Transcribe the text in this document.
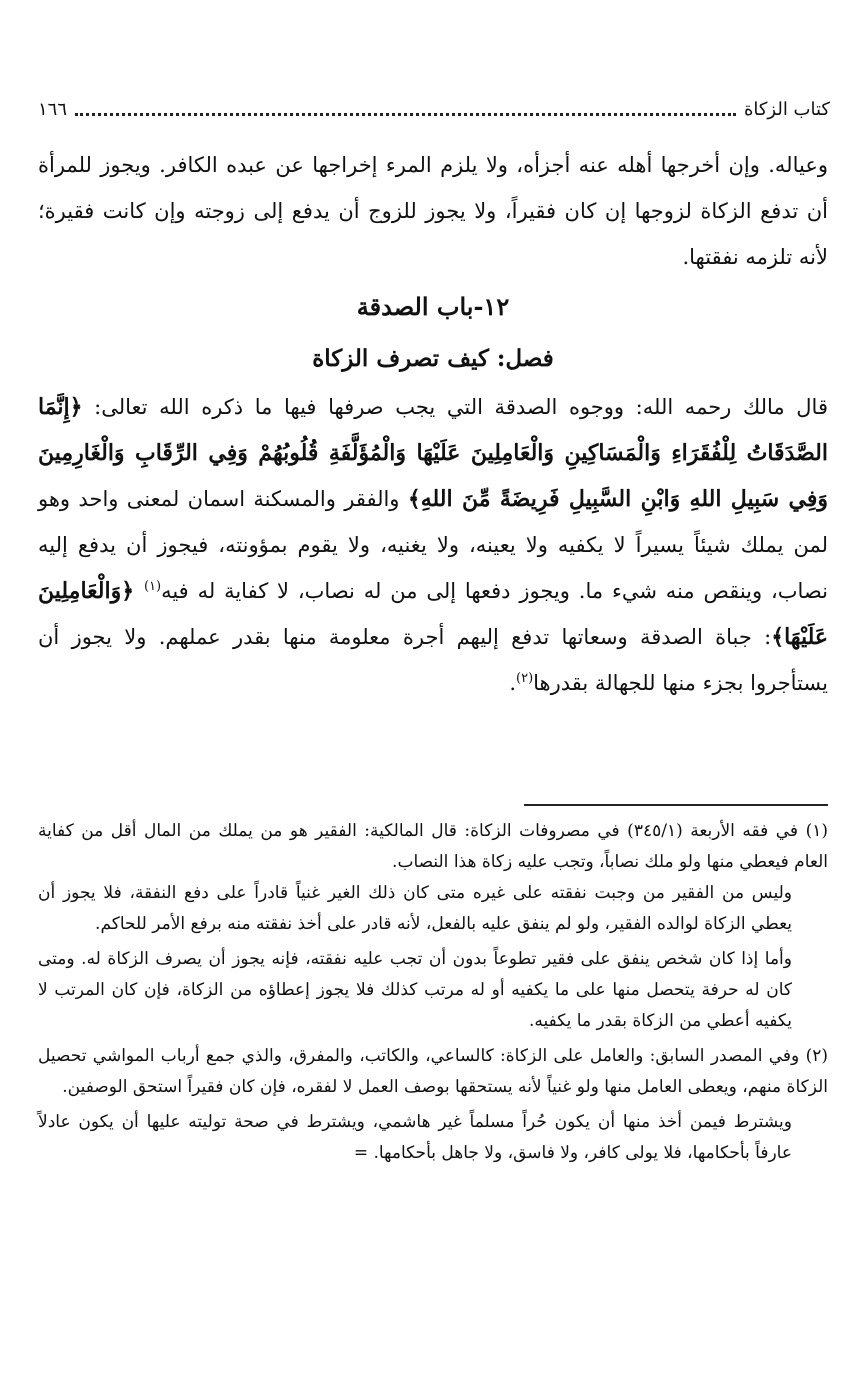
كتاب الزكاة
١٦٦

وعياله. وإن أخرجها أهله عنه أجزأه، ولا يلزم المرء إخراجها عن عبده الكافر. ويجوز للمرأة أن تدفع الزكاة لزوجها إن كان فقيراً، ولا يجوز للزوج أن يدفع إلى زوجته وإن كانت فقيرة؛ لأنه تلزمه نفقتها.

١٢-باب الصدقة

فصل: كيف تصرف الزكاة

قال مالك رحمه الله: ووجوه الصدقة التي يجب صرفها فيها ما ذكره الله تعالى: ﴿إِنَّمَا الصَّدَقَاتُ لِلْفُقَرَاءِ وَالْمَسَاكِينِ وَالْعَامِلِينَ عَلَيْهَا وَالْمُؤَلَّفَةِ قُلُوبُهُمْ وَفِي الرِّقَابِ وَالْغَارِمِينَ وَفِي سَبِيلِ اللهِ وَابْنِ السَّبِيلِ فَرِيضَةً مِّنَ اللهِ﴾ والفقر والمسكنة اسمان لمعنى واحد وهو لمن يملك شيئاً يسيراً لا يكفيه ولا يعينه، ولا يغنيه، ولا يقوم بمؤونته، فيجوز أن يدفع إليه نصاب، وينقص منه شيء ما. ويجوز دفعها إلى من له نصاب، لا كفاية له فيه$^{(١)}$ ﴿وَالْعَامِلِينَ عَلَيْهَا﴾: جباة الصدقة وسعاتها تدفع إليهم أجرة معلومة منها بقدر عملهم. ولا يجوز أن يستأجروا بجزء منها للجهالة بقدرها$^{(٢)}$.

(١) في فقه الأربعة (٣٤٥/١) في مصروفات الزكاة: قال المالكية: الفقير هو من يملك من المال أقل من كفاية العام فيعطي منها ولو ملك نصاباً، وتجب عليه زكاة هذا النصاب.

وليس من الفقير من وجبت نفقته على غيره متى كان ذلك الغير غنياً قادراً على دفع النفقة، فلا يجوز أن يعطي الزكاة لوالده الفقير، ولو لم ينفق عليه بالفعل، لأنه قادر على أخذ نفقته منه برفع الأمر للحاكم.

وأما إذا كان شخص ينفق على فقير تطوعاً بدون أن تجب عليه نفقته، فإنه يجوز أن يصرف الزكاة له. ومتى كان له حرفة يتحصل منها على ما يكفيه أو له مرتب كذلك فلا يجوز إعطاؤه من الزكاة، فإن كان المرتب لا يكفيه أعطي من الزكاة بقدر ما يكفيه.

(٢) وفي المصدر السابق: والعامل على الزكاة: كالساعي، والكاتب، والمفرق، والذي جمع أرباب المواشي تحصيل الزكاة منهم، ويعطى العامل منها ولو غنياً لأنه يستحقها بوصف العمل لا لفقره، فإن كان فقيراً استحق الوصفين.

ويشترط فيمن أخذ منها أن يكون حُراً مسلماً غير هاشمي، ويشترط في صحة توليته عليها أن يكون عادلاً عارفاً بأحكامها، فلا يولى كافر، ولا فاسق، ولا جاهل بأحكامها. =
